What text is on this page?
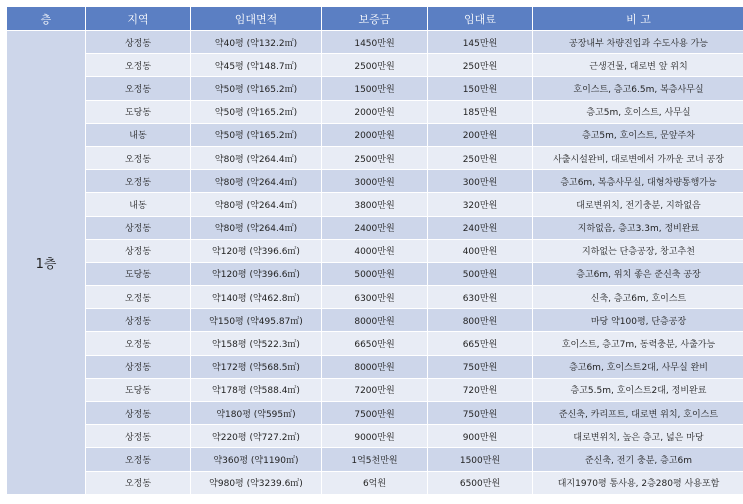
층	지역	임대면적	보증금	임대료	비 고
1층	상정동	약40평 (약132.2㎡)	1450만원	145만원	공장내부 차량진입과 수도사용 가능
	오정동	약45평 (약148.7㎡)	2500만원	250만원	근생건물, 대로변 앞 위치
	오정동	약50평 (약165.2㎡)	1500만원	150만원	호이스트, 층고6.5m, 복층사무실
	도당동	약50평 (약165.2㎡)	2000만원	185만원	층고5m, 호이스트, 사무실
	내동	약50평 (약165.2㎡)	2000만원	200만원	층고5m, 호이스트, 문앞주차
	오정동	약80평 (약264.4㎡)	2500만원	250만원	사출시설완비, 대로변에서 가까운 코너 공장
	오정동	약80평 (약264.4㎡)	3000만원	300만원	층고6m, 복층사무실, 대형차량통행가능
	내동	약80평 (약264.4㎡)	3800만원	320만원	대로변위치, 전기충분, 지하없음
	상정동	약80평 (약264.4㎡)	2400만원	240만원	지하없음, 층고3.3m, 정비완료
	상정동	약120평 (약396.6㎡)	4000만원	400만원	지하없는 단층공장, 창고추천
	도당동	약120평 (약396.6㎡)	5000만원	500만원	층고6m, 위치 좋은 준신축 공장
	오정동	약140평 (약462.8㎡)	6300만원	630만원	신축, 층고6m, 호이스트
	상정동	약150평 (약495.87㎡)	8000만원	800만원	마당 약100평, 단층공장
	오정동	약158평 (약522.3㎡)	6650만원	665만원	호이스트, 층고7m, 동력충분, 사출가능
	상정동	약172평 (약568.5㎡)	8000만원	750만원	층고6m, 호이스트2대, 사무실 완비
	도당동	약178평 (약588.4㎡)	7200만원	720만원	층고5.5m, 호이스트2대, 정비완료
	상정동	약180평 (약595㎡)	7500만원	750만원	준신축, 카리프트, 대로변 위치, 호이스트
	상정동	약220평 (약727.2㎡)	9000만원	900만원	대로변위치, 높은 층고, 넓은 마당
	오정동	약360평 (약1190㎡)	1억5천만원	1500만원	준신축, 전기 충분, 층고6m
	오정동	약980평 (약3239.6㎡)	6억원	6500만원	대지1970평 통사용, 2층280평 사용포함
